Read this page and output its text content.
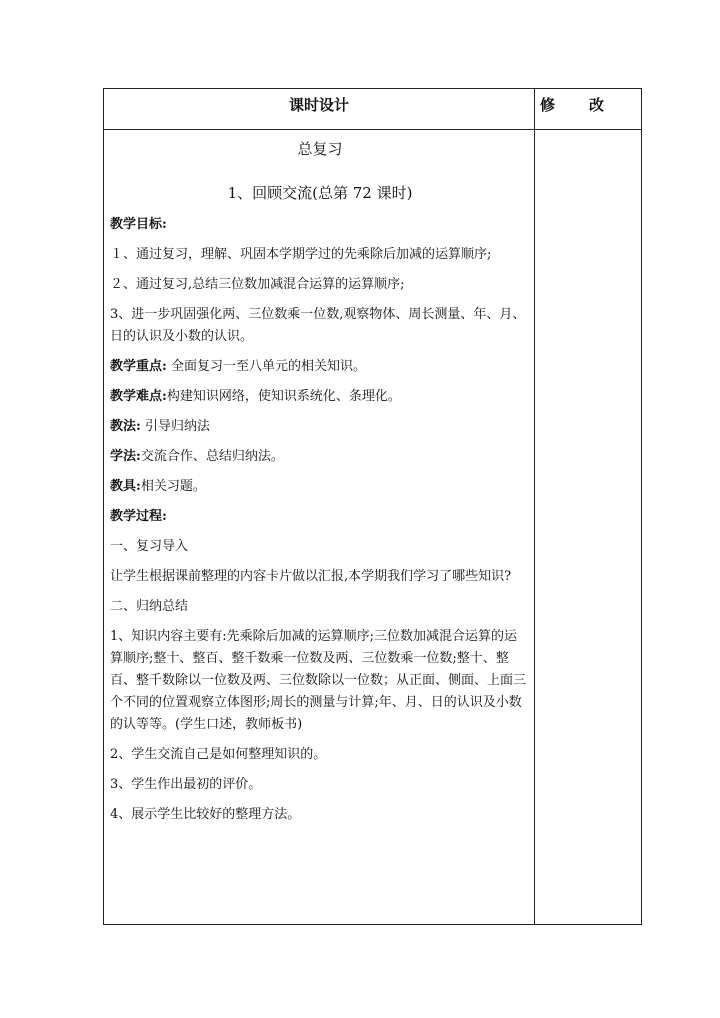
课时设计	修改
总复习
1、回顾交流(总第 72 课时)
教学目标:
１、通过复习，理解、巩固本学期学过的先乘除后加减的运算顺序;
２、通过复习,总结三位数加减混合运算的运算顺序;
3、进一步巩固强化两、三位数乘一位数,观察物体、周长测量、年、月、日的认识及小数的认识。
教学重点: 全面复习一至八单元的相关知识。
教学难点:构建知识网络，使知识系统化、条理化。
教法: 引导归纳法
学法:交流合作、总结归纳法。
教具:相关习题。
教学过程:
一、复习导入
让学生根据课前整理的内容卡片做以汇报,本学期我们学习了哪些知识?
二、归纳总结
1、知识内容主要有:先乘除后加减的运算顺序;三位数加减混合运算的运算顺序;整十、整百、整千数乘一位数及两、三位数乘一位数;整十、整百、整千数除以一位数及两、三位数除以一位数；从正面、侧面、上面三个不同的位置观察立体图形;周长的测量与计算;年、月、日的认识及小数的认等等。(学生口述，教师板书)
2、学生交流自己是如何整理知识的。
3、学生作出最初的评价。
4、展示学生比较好的整理方法。
